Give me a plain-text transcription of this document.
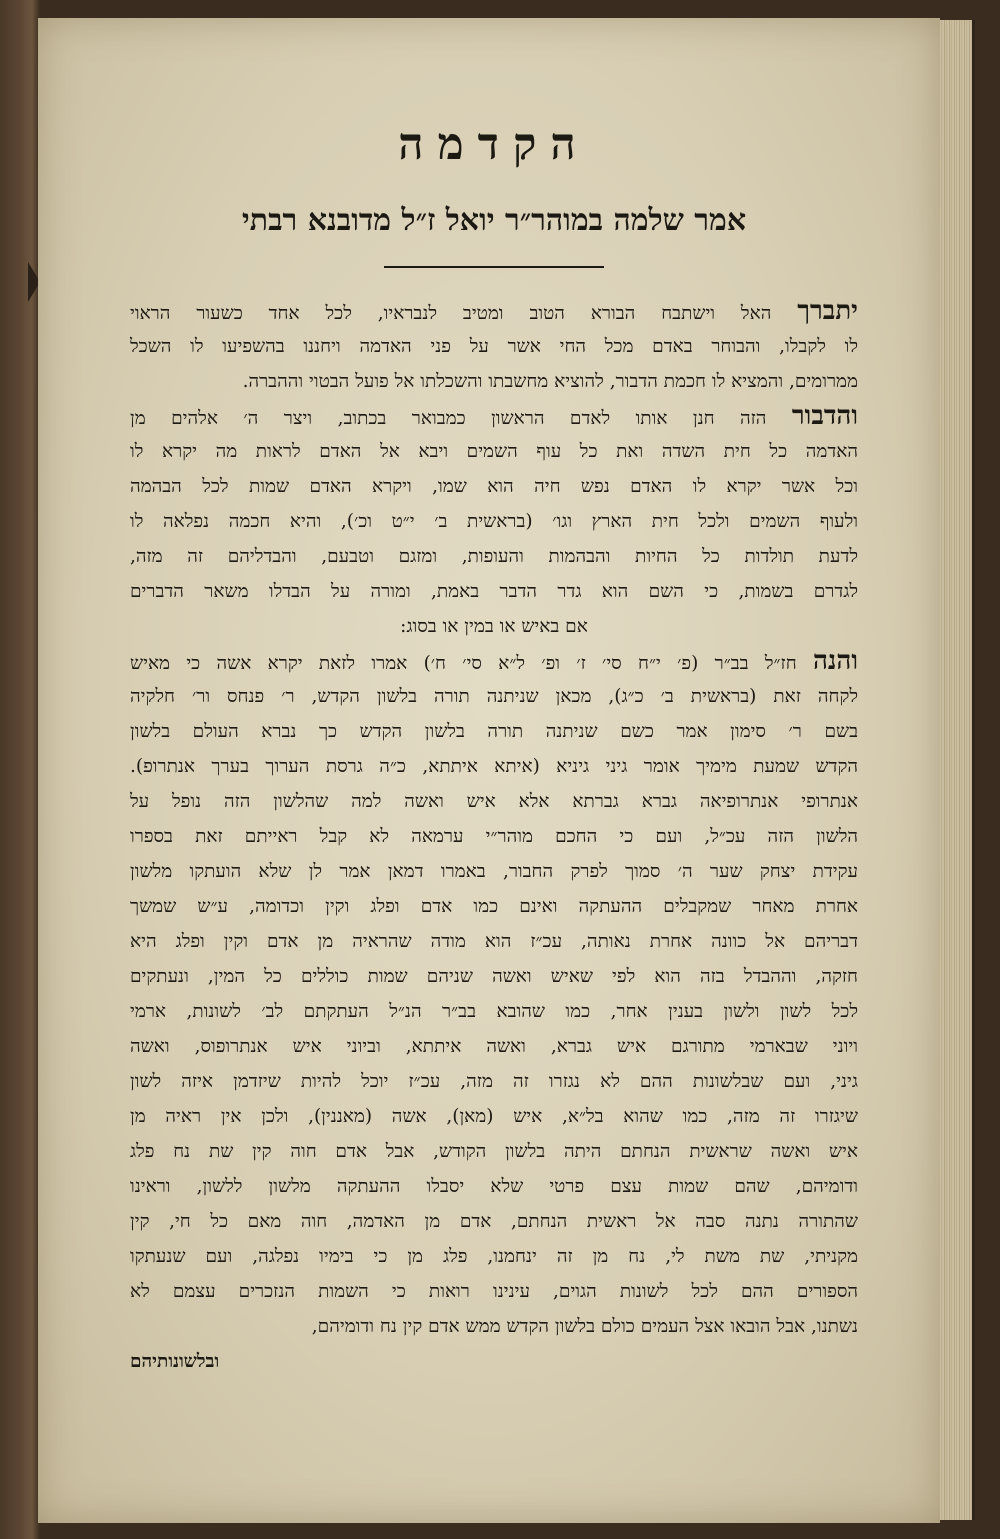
הקדמה
אמר שלמה במוהר״ר יואל ז״ל מדובנא רבתי
יתברך האל וישתבח הבורא הטוב ומטיב לנבראיו, לכל אחד כשעור הראוי
לו לקבלו, והבוחר באדם מכל החי אשר על פני האדמה ויחננו בהשפיעו לו השכל
ממרומים, והמציא לו חכמת הדבור, להוציא מחשבתו והשכלתו אל פועל הבטוי וההברה.
והדבור הזה חנן אותו לאדם הראשון כמבואר בכתוב, ויצר ה׳ אלהים מן
האדמה כל חית השדה ואת כל עוף השמים ויבא אל האדם לראות מה יקרא לו
וכל אשר יקרא לו האדם נפש חיה הוא שמו, ויקרא האדם שמות לכל הבהמה
ולעוף השמים ולכל חית הארץ וגו׳ (בראשית ב׳ י״ט וכ׳), והיא חכמה נפלאה לו
לדעת תולדות כל החיות והבהמות והעופות, ומזגם וטבעם, והבדליהם זה מזה,
לגדרם בשמות, כי השם הוא גדר הדבר באמת, ומורה על הבדלו משאר הדברים
אם באיש או במין או בסוג:
והנה חז״ל בב״ר (פ׳ י״ח סי׳ ז׳ ופ׳ ל״א סי׳ ח׳) אמרו לזאת יקרא אשה כי מאיש
לקחה זאת (בראשית ב׳ כ״ג), מכאן שניתנה תורה בלשון הקדש, ר׳ פנחס ור׳ חלקיה
בשם ר׳ סימון אמר כשם שניתנה תורה בלשון הקדש כך נברא העולם בלשון
הקדש שמעת מימיך אומר גיני גיניא (איתא איתתא, כ״ה גרסת הערוך בערך אנתרופ).
אנתרופי אנתרופיאה גברא גברתא אלא איש ואשה למה שהלשון הזה נופל על
הלשון הזה עכ״ל, ועם כי החכם מוהר״י ערמאה לא קבל ראייתם זאת בספרו
עקידת יצחק שער ה׳ סמוך לפרק החבור, באמרו דמאן אמר לן שלא הועתקו מלשון
אחרת מאחר שמקבלים ההעתקה ואינם כמו אדם ופלג וקין וכדומה, ע״ש שמשך
דבריהם אל כוונה אחרת נאותה, עכ״ז הוא מודה שהראיה מן אדם וקין ופלג היא
חזקה, וההבדל בזה הוא לפי שאיש ואשה שניהם שמות כוללים כל המין, ונעתקים
לכל לשון ולשון בענין אחר, כמו שהובא בב״ר הנ״ל העתקתם לב׳ לשונות, ארמי
ויוני שבארמי מתורגם איש גברא, ואשה איתתא, וביוני איש אנתרופוס, ואשה
גיני, ועם שבלשונות ההם לא נגזרו זה מזה, עכ״ז יוכל להיות שיזדמן איזה לשון
שיגזרו זה מזה, כמו שהוא בל״א, איש (מאן), אשה (מאננין), ולכן אין ראיה מן
איש ואשה שראשית הנחתם היתה בלשון הקודש, אבל אדם חוה קין שת נח פלג
ודומיהם, שהם שמות עצם פרטי שלא יסבלו ההעתקה מלשון ללשון, וראינו
שהתורה נתנה סבה אל ראשית הנחתם, אדם מן האדמה, חוה מאם כל חי, קין
מקניתי, שת משת לי, נח מן זה ינחמנו, פלג מן כי בימיו נפלגה, ועם שנעתקו
הספורים ההם לכל לשונות הגוים, עינינו רואות כי השמות הנזכרים עצמם לא
נשתנו, אבל הובאו אצל העמים כולם בלשון הקדש ממש אדם קין נח ודומיהם,
ובלשונותיהם
